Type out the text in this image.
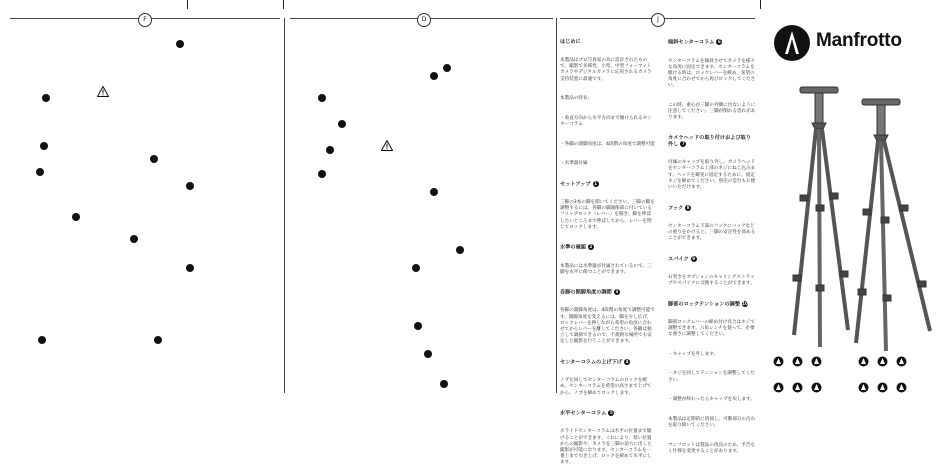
F	D	J

はじめに

本製品はプロ写真家の為に設計されたもので、撮影で多様性、小型、中型フォーマットカメラやデジタルカメラに応用されるカメラ支持装置に最適です。

本製品の特長：

・垂直方向から水平方向まで傾けられるセンターコラム

・各脚の開脚角度は、4段階の角度で調整可能

・水準器付属

セットアップ 1

三脚の3本の脚を開いてください。三脚の脚を調整するには、各脚の脚調節部に付いているフリップロック（レバー）を開き、脚を伸ばしたいところまで伸ばしてから、レバーを閉じてロックします。

水準の確認 2

本製品には水準器が付属されているので、三脚を水平に保つことができます。

各脚の開脚角度の調節 3

各脚の開脚角度は、4段階の角度で調整可能です。開脚角度を変えるには、脚を少し広げ、ロックレバーを押しながら希望の角度に合わせてからレバーを離してください。各脚は独立して調節できるので、不規則な場所でも安定した撮影を行うことができます。

センターコラムの上げ下げ 4

ノブを回してセンターコラムのロックを緩め、センターコラムを希望の高さまで上げてから、ノブを締めてロックします。

水平センターコラム 5

スライドセンターコラムは水平の位置まで傾けることができます。これにより、低い位置からの撮影や、カメラを三脚の前方に出した撮影が可能になります。センターコラムを一番上まで引き上げ、ロックを緩めて水平にします。

傾斜センターコラム 6

センターコラムを傾斜させてカメラを様々な角度に固定できます。センターコラムを傾ける時は、ロックレバーを緩め、希望の角度に合わせてから再びロックしてください。

この時、重心が三脚の外側に出ないように注意してください。三脚が倒れる恐れがあります。

カメラヘッドの取り付けおよび取り外し 7

付属のキャップを取り外し、カメラヘッドをセンターコラム上部のネジにねじ込みます。ヘッドを確実に固定するために、固定ネジを締めてください。別売の雲台もお使いいただけます。

フック 8

センターコラム下部のフックにバッグなどの重りをかけると、三脚の安定性を高めることができます。

スパイク 9

石突きをオプションのキャリングストラップやスパイクに交換することができます。

脚部のロックテンションの調整 10

脚部ロックレバーの締め付け具合はネジで調整できます。六角レンチを使って、必要な強さに調整してください。

・キャップを外します。

・ネジを回してテンションを調整してください。

・調整が終わったらキャップを戻します。

本製品は定期的に清掃し、可動部分の汚れを取り除いてください。

マンフロットは製品の改良のため、予告なく仕様を変更することがあります。

Manfrotto
